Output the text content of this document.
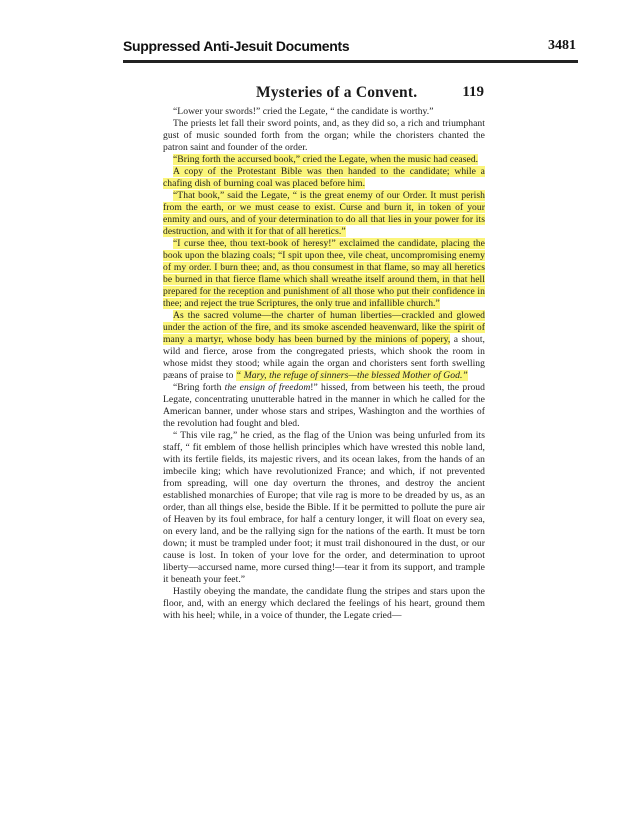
Suppressed Anti-Jesuit Documents	3481
Mysteries of a Convent.	119

“Lower your swords!” cried the Legate, “ the candidate is worthy.”

The priests let fall their sword points, and, as they did so, a rich and triumphant gust of music sounded forth from the organ; while the choristers chanted the patron saint and founder of the order.

“Bring forth the accursed book,” cried the Legate, when the music had ceased.

A copy of the Protestant Bible was then handed to the candidate; while a chafing dish of burning coal was placed before him.

“That book,” said the Legate, “ is the great enemy of our Order. It must perish from the earth, or we must cease to exist. Curse and burn it, in token of your enmity and ours, and of your determination to do all that lies in your power for its destruction, and with it for that of all heretics.”

“I curse thee, thou text-book of heresy!” exclaimed the candidate, placing the book upon the blazing coals; “I spit upon thee, vile cheat, uncompromising enemy of my order. I burn thee; and, as thou consumest in that flame, so may all heretics be burned in that fierce flame which shall wreathe itself around them, in that hell prepared for the reception and punishment of all those who put their confidence in thee; and reject the true Scriptures, the only true and infallible church.”

As the sacred volume—the charter of human liberties—crackled and glowed under the action of the fire, and its smoke ascended heavenward, like the spirit of many a martyr, whose body has been burned by the minions of popery, a shout, wild and fierce, arose from the congregated priests, which shook the room in whose midst they stood; while again the organ and choristers sent forth swelling pæans of praise to “ Mary, the refuge of sinners—the blessed Mother of God.”

“Bring forth the ensign of freedom!” hissed, from between his teeth, the proud Legate, concentrating unutterable hatred in the manner in which he called for the American banner, under whose stars and stripes, Washington and the worthies of the revolution had fought and bled.

“ This vile rag,” he cried, as the flag of the Union was being unfurled from its staff, “ fit emblem of those hellish principles which have wrested this noble land, with its fertile fields, its majestic rivers, and its ocean lakes, from the hands of an imbecile king; which have revolutionized France; and which, if not prevented from spreading, will one day overturn the thrones, and destroy the ancient established monarchies of Europe; that vile rag is more to be dreaded by us, as an order, than all things else, beside the Bible. If it be permitted to pollute the pure air of Heaven by its foul embrace, for half a century longer, it will float on every sea, on every land, and be the rallying sign for the nations of the earth. It must be torn down; it must be trampled under foot; it must trail dishonoured in the dust, or our cause is lost. In token of your love for the order, and determination to uproot liberty—accursed name, more cursed thing!—tear it from its support, and trample it beneath your feet.”

Hastily obeying the mandate, the candidate flung the stripes and stars upon the floor, and, with an energy which declared the feelings of his heart, ground them with his heel; while, in a voice of thunder, the Legate cried—
